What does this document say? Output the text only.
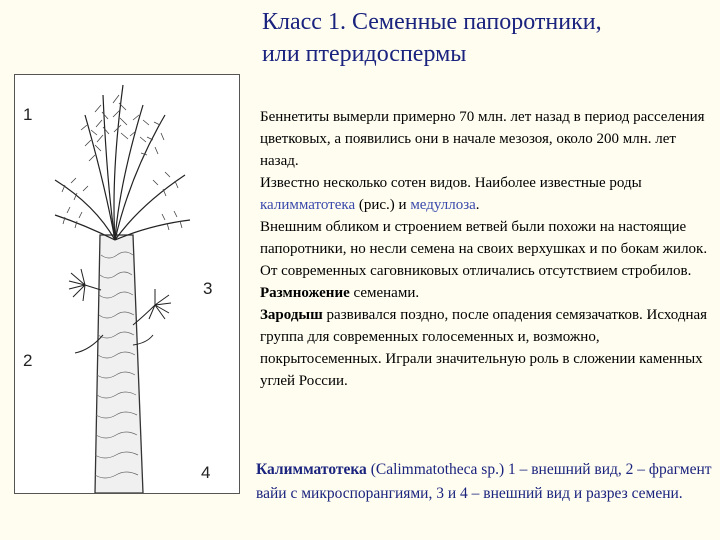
Класс 1. Семенные папоротники,
или птеридоспермы
1
2
3
4

Беннетиты вымерли примерно 70 млн. лет назад в период расселения цветковых, а появились они в начале мезозоя, около 200 млн. лет назад.

Известно несколько сотен видов. Наиболее известные роды калимматотека (рис.) и медуллоза.

Внешним обликом и строением ветвей были похожи на настоящие папоротники, но несли семена на своих верхушках и по бокам жилок. От современных саговниковых отличались отсутствием стробилов.

Размножение семенами.

Зародыш развивался поздно, после опадения семязачатков. Исходная группа для современных голосеменных и, возможно, покрытосеменных. Играли значительную роль в сложении каменных углей России.

Калимматотека (Calimmatotheca sp.) 1 – внешний вид, 2 – фрагмент вайи с микроспорангиями, 3 и 4 – внешний вид и разрез семени.
